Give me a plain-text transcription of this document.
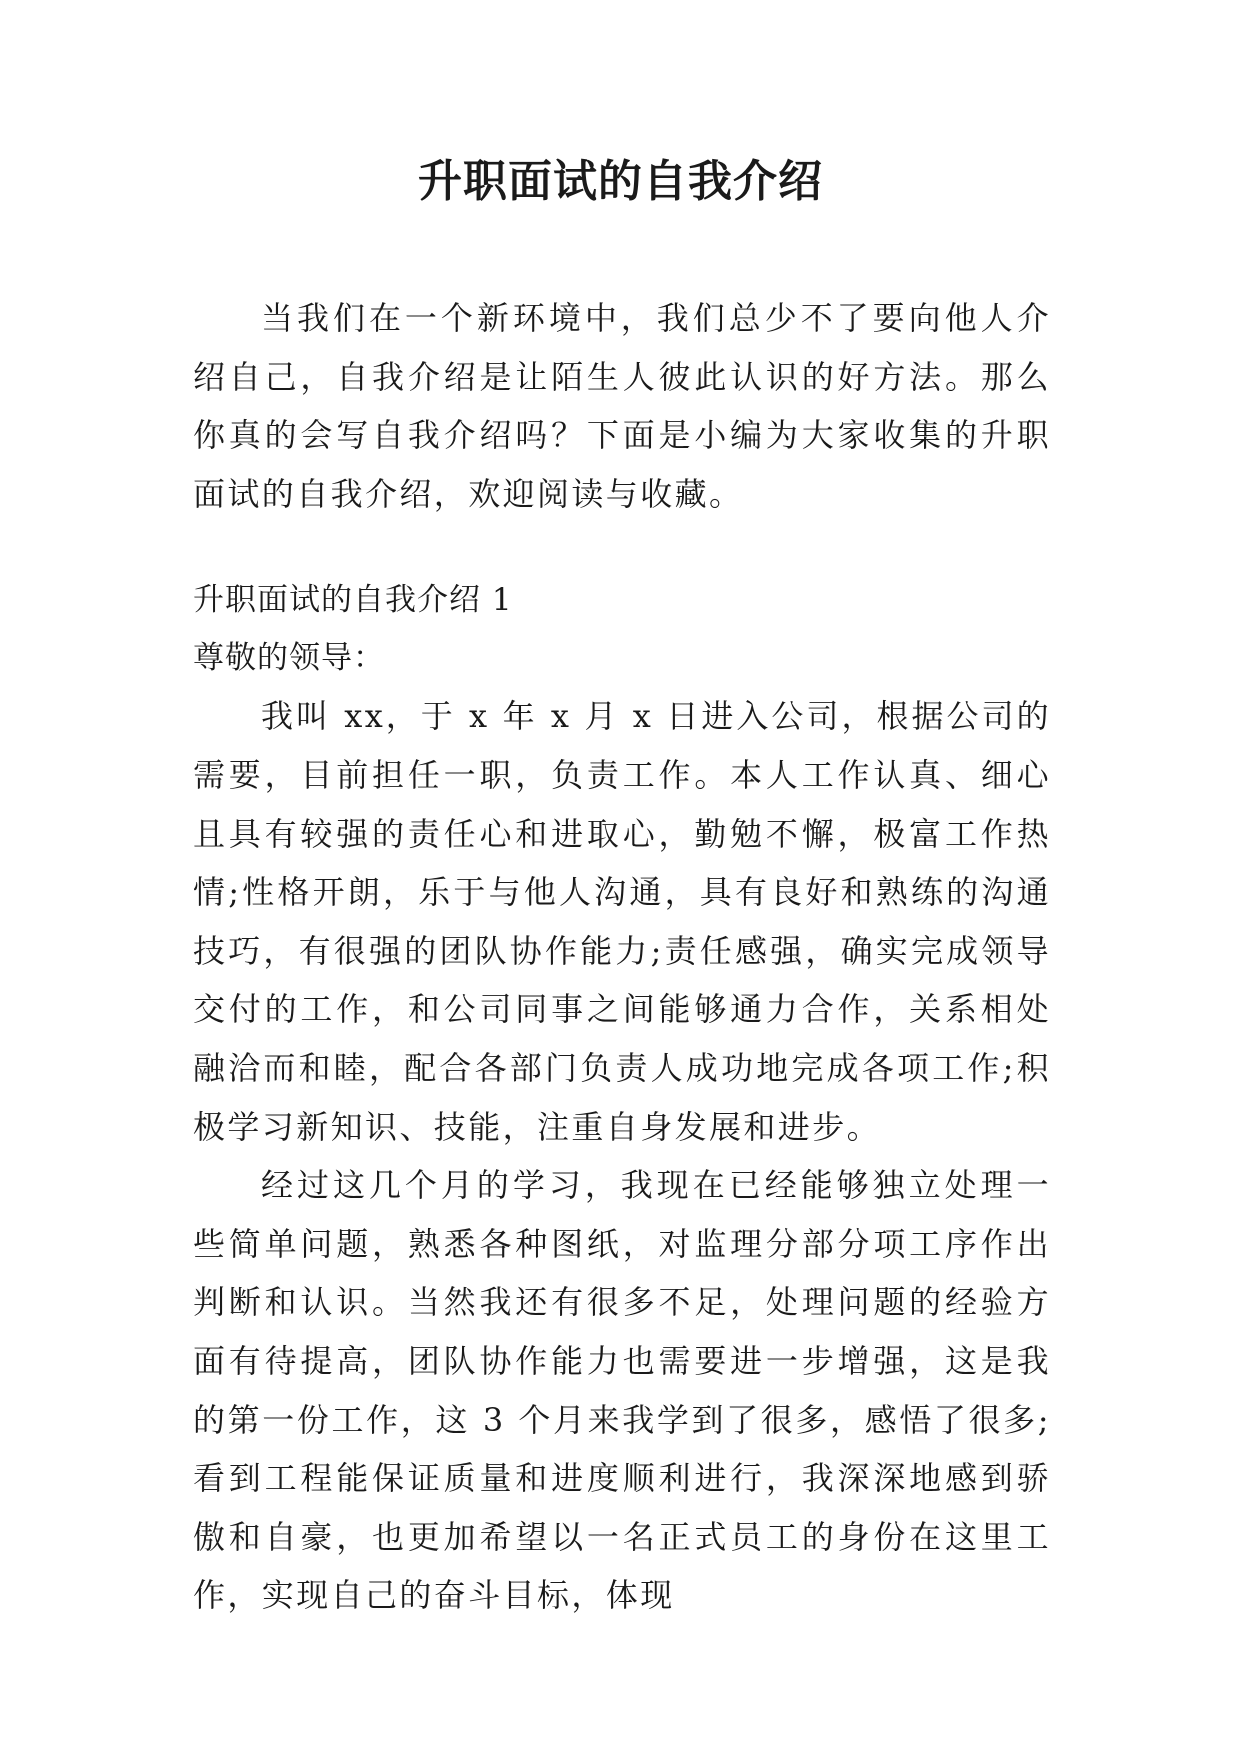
升职面试的自我介绍

当我们在一个新环境中，我们总少不了要向他人介绍自己，自我介绍是让陌生人彼此认识的好方法。那么你真的会写自我介绍吗？下面是小编为大家收集的升职面试的自我介绍，欢迎阅读与收藏。

升职面试的自我介绍 1

尊敬的领导：

我叫 xx，于 x 年 x 月 x 日进入公司，根据公司的需要，目前担任一职，负责工作。本人工作认真、细心且具有较强的责任心和进取心，勤勉不懈，极富工作热情;性格开朗，乐于与他人沟通，具有良好和熟练的沟通技巧，有很强的团队协作能力;责任感强，确实完成领导交付的工作，和公司同事之间能够通力合作，关系相处融洽而和睦，配合各部门负责人成功地完成各项工作;积极学习新知识、技能，注重自身发展和进步。

经过这几个月的学习，我现在已经能够独立处理一些简单问题，熟悉各种图纸，对监理分部分项工序作出判断和认识。当然我还有很多不足，处理问题的经验方面有待提高，团队协作能力也需要进一步增强，这是我的第一份工作，这 3 个月来我学到了很多，感悟了很多;看到工程能保证质量和进度顺利进行，我深深地感到骄傲和自豪，也更加希望以一名正式员工的身份在这里工作，实现自己的奋斗目标，体现
